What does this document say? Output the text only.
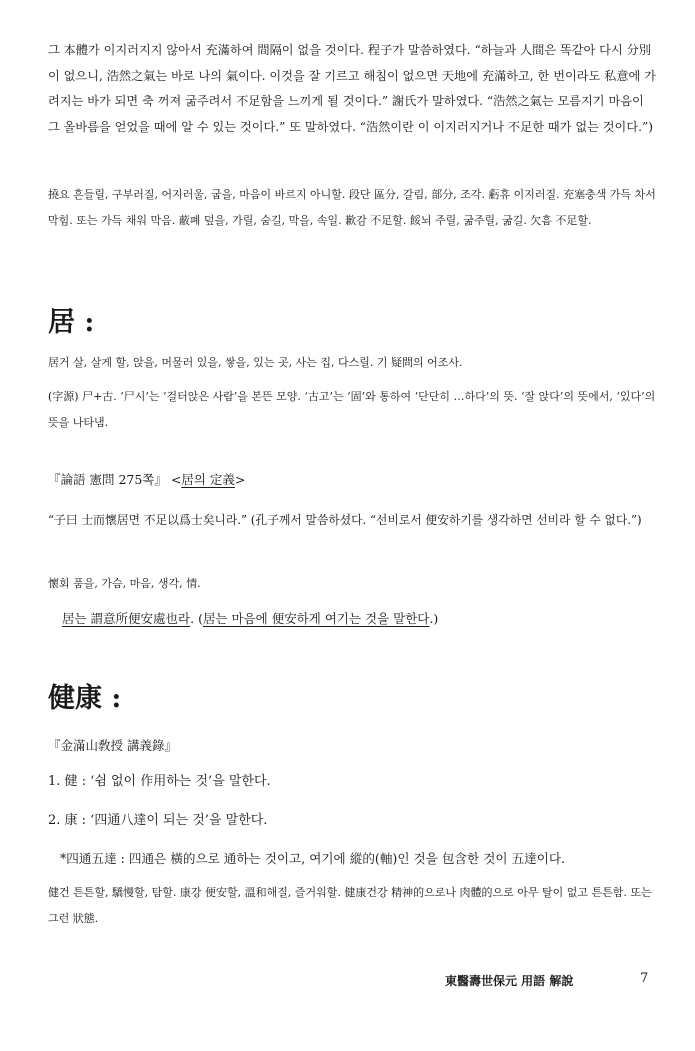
그 本體가 이지러지지 않아서 充滿하여 間隔이 없을 것이다. 程子가 말씀하였다. “하늘과 人間은 똑같아 다시 分別이 없으니, 浩然之氣는 바로 나의 氣이다. 이것을 잘 기르고 해침이 없으면 天地에 充滿하고, 한 번이라도 私意에 가려지는 바가 되면 축 꺼져 굶주려서 不足함을 느끼게 될 것이다.” 謝氏가 말하였다. “浩然之氣는 모름지기 마음이 그 올바름을 얻었을 때에 알 수 있는 것이다.” 또 말하였다. “浩然이란 이 이지러지거나 不足한 때가 없는 것이다.”)

撓요 흔들릴, 구부러질, 어지러울, 굽을, 마음이 바르지 아니할. 段단 區分, 갈림, 部分, 조각. 虧휴 이지러질. 充塞충색 가득 차서 막힘. 또는 가득 채워 막음. 蔽폐 덮을, 가릴, 숨길, 막을, 속일. 歉감 不足할. 餒뇌 주릴, 굶주릴, 굶길. 欠흠 不足할.

居 :

居거 살, 살게 할, 앉을, 머물러 있을, 쌓을, 있는 곳, 사는 집, 다스릴. 기 疑問의 어조사.

(字源) 尸+古. ‘尸시’는 ‘걸터앉은 사람’을 본뜬 모양. ‘古고’는 ‘固’와 통하여 ‘단단히 …하다’의 뜻. ‘잘 앉다’의 뜻에서, ‘있다’의 뜻을 나타냄.

『論語 憲問 275쪽』 <居의 定義>

“子曰 士而懷居면 不足以爲士矣니라.” (孔子께서 말씀하셨다. “선비로서 便安하기를 생각하면 선비라 할 수 없다.”)

懷회 품을, 가슴, 마음, 생각, 情.

居는 謂意所便安處也라. (居는 마음에 便安하게 여기는 것을 말한다.)

健康 :

『金滿山敎授 講義錄』

1. 健 : ‘쉼 없이 作用하는 것’을 말한다.

2. 康 : ‘四通八達이 되는 것’을 말한다.

*四通五達 : 四通은 橫的으로 通하는 것이고, 여기에 縱的(軸)인 것을 包含한 것이 五達이다.

健건 튼튼할, 驕慢할, 탐할. 康강 便安할, 溫和해질, 즐거워할. 健康건강 精神的으로나 肉體的으로 아무 탈이 없고 튼튼함. 또는 그런 狀態.

東醫壽世保元 用語 解說	7
